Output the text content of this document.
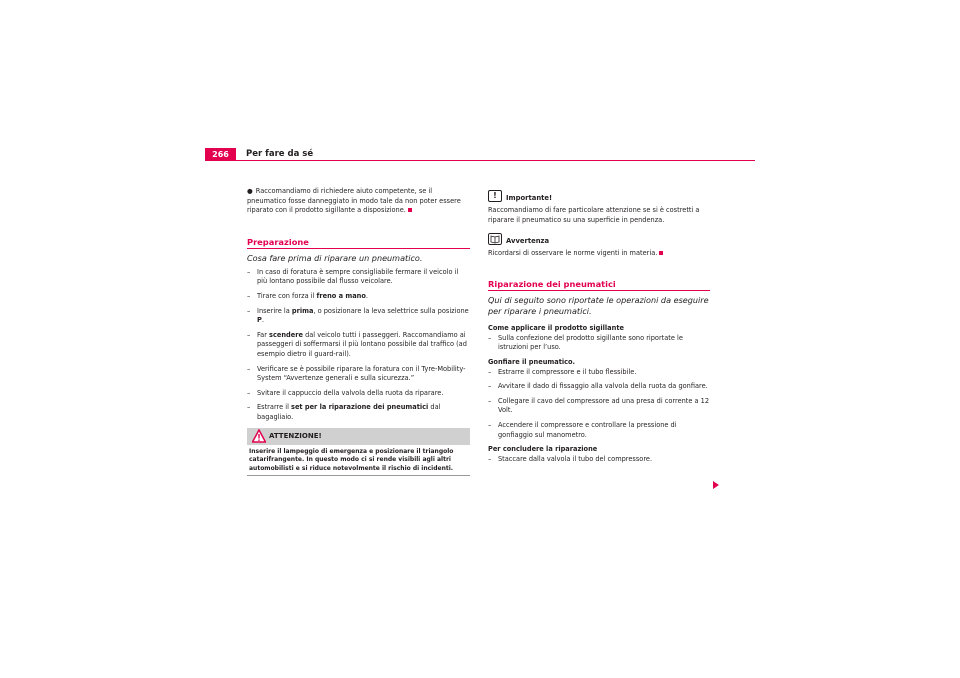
266	Per fare da sé

● Raccomandiamo di richiedere aiuto competente, se il pneumatico fosse danneggiato in modo tale da non poter essere riparato con il prodotto sigillante a disposizione.

Preparazione
Cosa fare prima di riparare un pneumatico.
– In caso di foratura è sempre consigliabile fermare il veicolo il più lontano possibile dal flusso veicolare.
– Tirare con forza il freno a mano.
– Inserire la prima, o posizionare la leva selettrice sulla posizione P.
– Far scendere dal veicolo tutti i passeggeri. Raccomandiamo ai passeggeri di soffermarsi il più lontano possibile dal traffico (ad esempio dietro il guard-rail).
– Verificare se è possibile riparare la foratura con il Tyre-Mobility-System “Avvertenze generali e sulla sicurezza.”
– Svitare il cappuccio della valvola della ruota da riparare.
– Estrarre il set per la riparazione dei pneumatici dal bagagliaio.
ATTENZIONE!
Inserire il lampeggio di emergenza e posizionare il triangolo catarifrangente. In questo modo ci si rende visibili agli altri automobilisti e si riduce notevolmente il rischio di incidenti.
!	Importante!

Raccomandiamo di fare particolare attenzione se si è costretti a riparare il pneumatico su una superficie in pendenza.

Avvertenza

Ricordarsi di osservare le norme vigenti in materia.

Riparazione dei pneumatici
Qui di seguito sono riportate le operazioni da eseguire per riparare i pneumatici.
Come applicare il prodotto sigillante
– Sulla confezione del prodotto sigillante sono riportate le istruzioni per l’uso.
Gonfiare il pneumatico.
– Estrarre il compressore e il tubo flessibile.
– Avvitare il dado di fissaggio alla valvola della ruota da gonfiare.
– Collegare il cavo del compressore ad una presa di corrente a 12 Volt.
– Accendere il compressore e controllare la pressione di gonfiaggio sul manometro.
Per concludere la riparazione
– Staccare dalla valvola il tubo del compressore.
